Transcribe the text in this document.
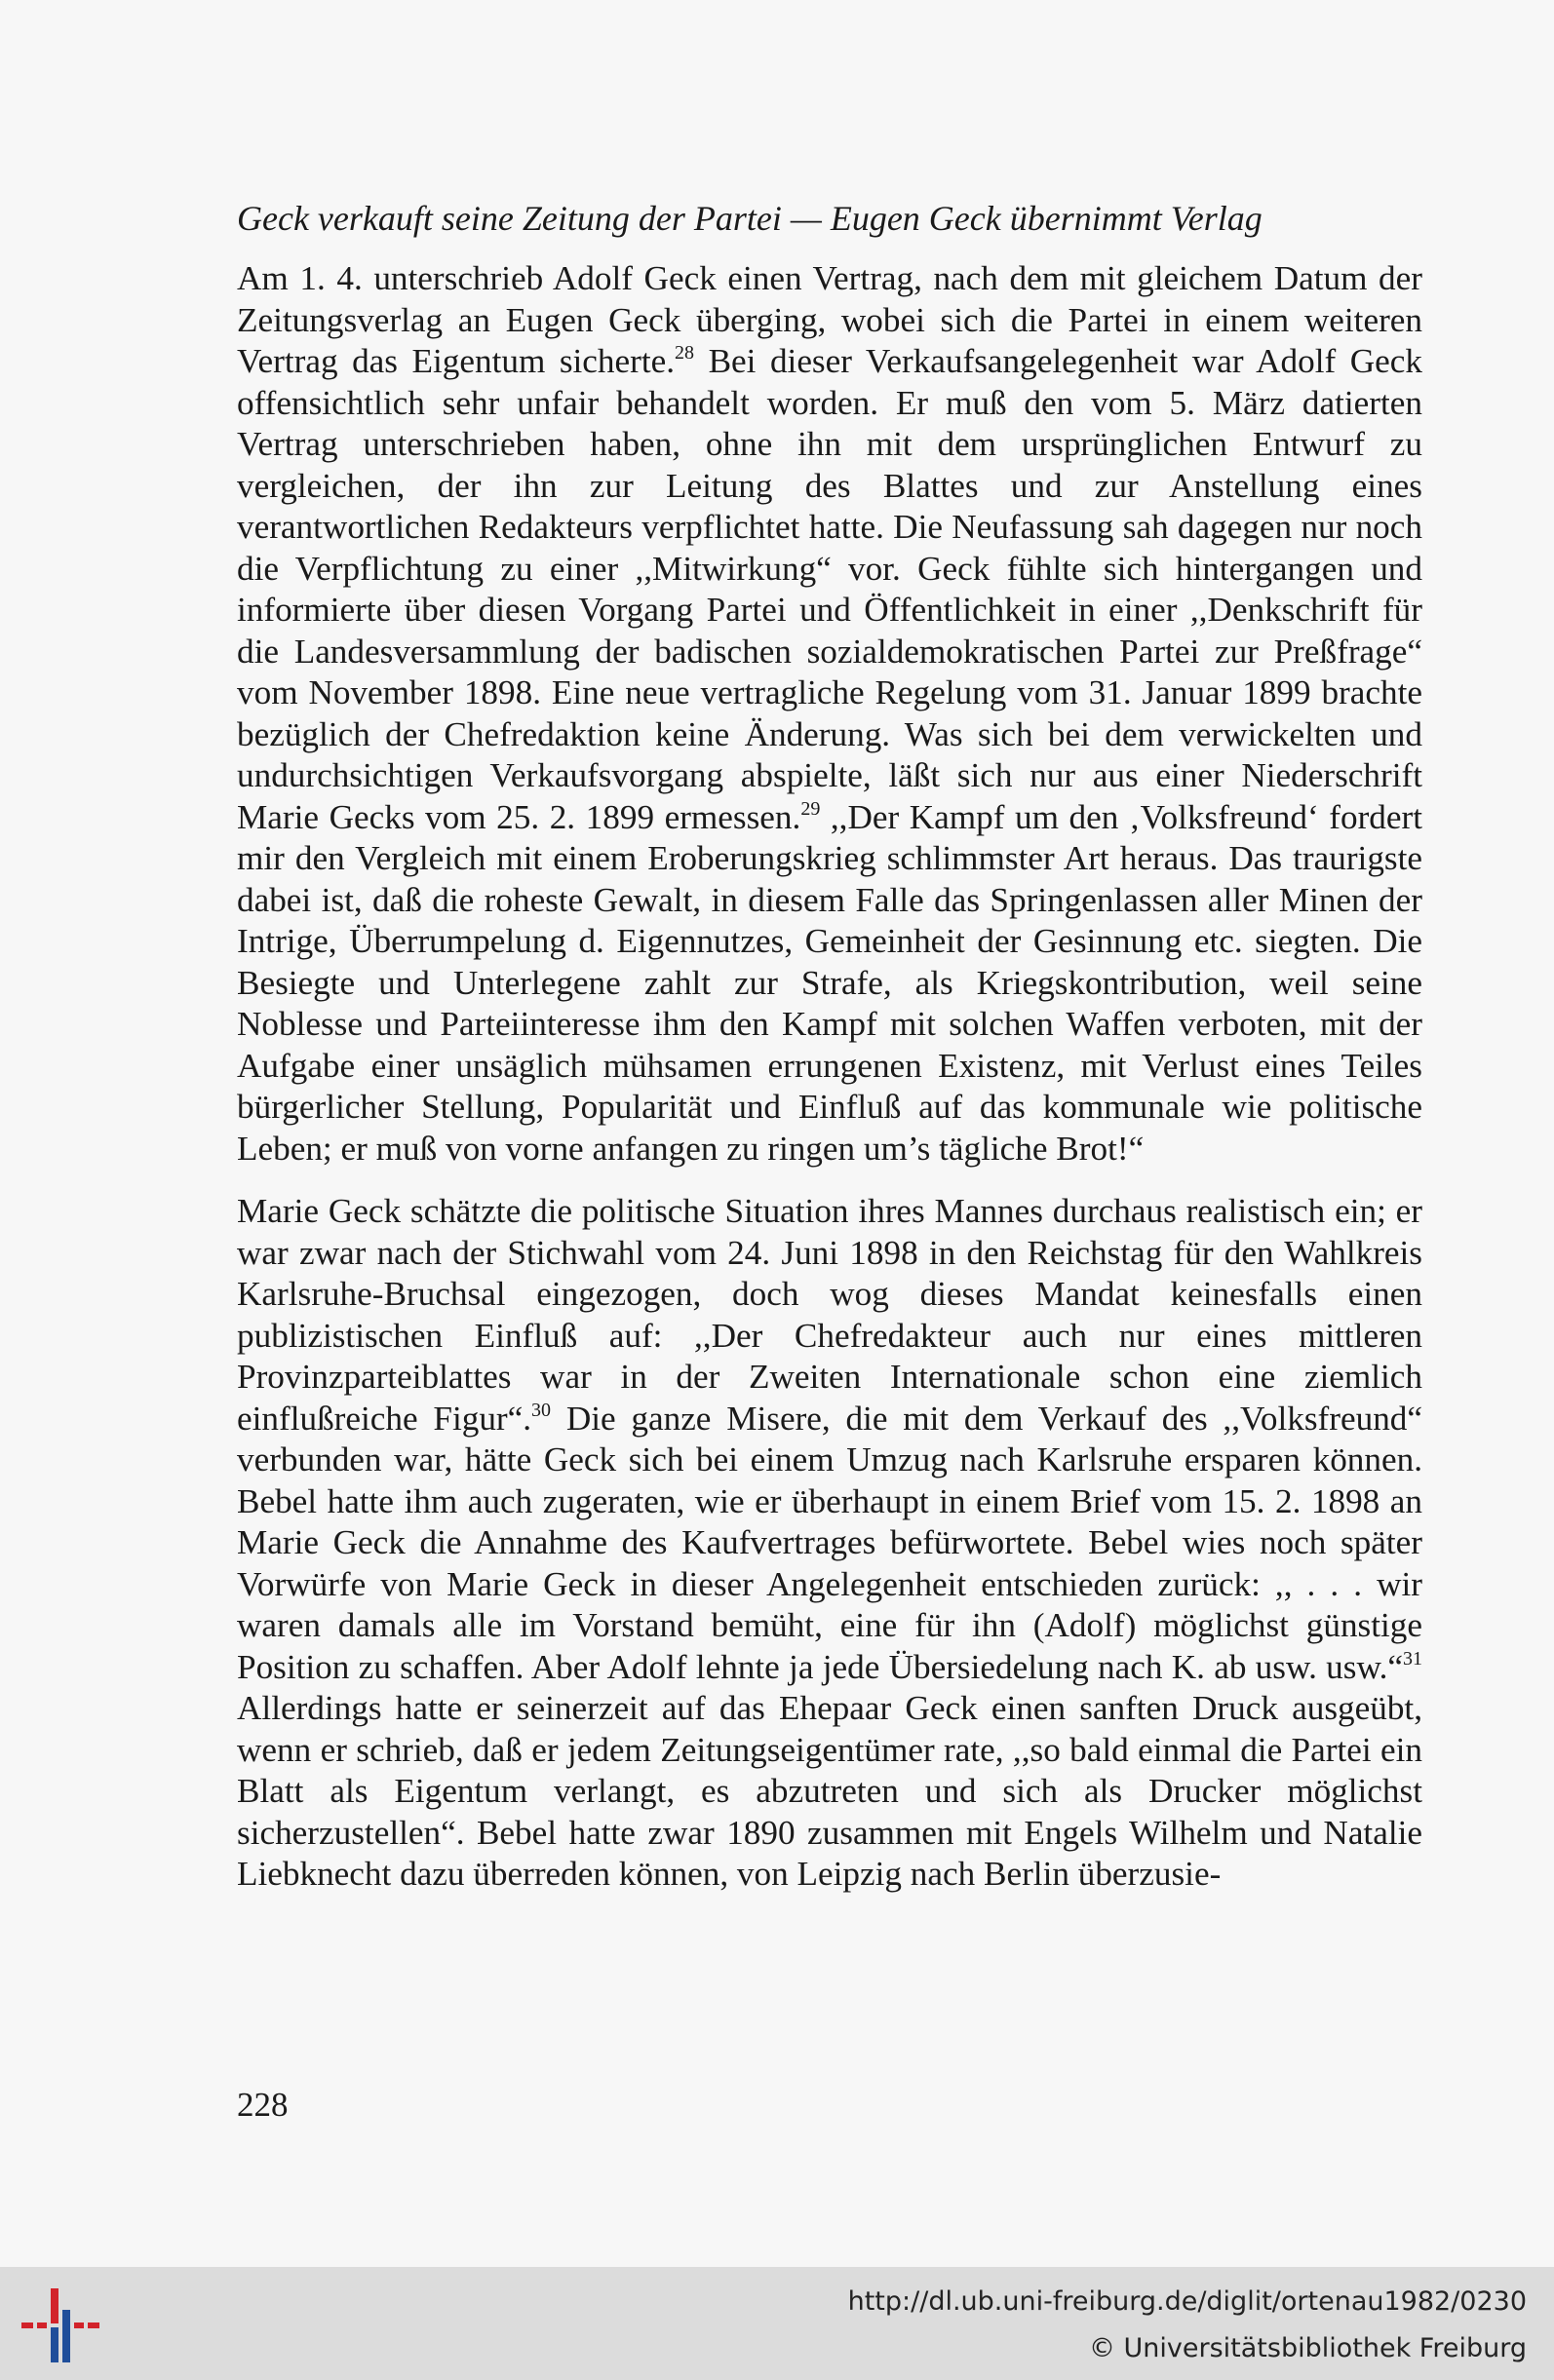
Geck verkauft seine Zeitung der Partei — Eugen Geck übernimmt Verlag

Am 1. 4. unterschrieb Adolf Geck einen Vertrag, nach dem mit gleichem Datum der Zeitungsverlag an Eugen Geck überging, wobei sich die Partei in einem weiteren Vertrag das Eigentum sicherte.$^{28}$ Bei dieser Verkaufsangelegenheit war Adolf Geck offensichtlich sehr unfair behandelt worden. Er muß den vom 5. März datierten Vertrag unterschrieben haben, ohne ihn mit dem ursprünglichen Entwurf zu vergleichen, der ihn zur Leitung des Blattes und zur Anstellung eines verantwortlichen Redakteurs verpflichtet hatte. Die Neufassung sah dagegen nur noch die Verpflichtung zu einer ,,Mitwirkung“ vor. Geck fühlte sich hintergangen und informierte über diesen Vorgang Partei und Öffentlichkeit in einer ,,Denkschrift für die Landesversammlung der badischen sozialdemokratischen Partei zur Preßfrage“ vom November 1898. Eine neue vertragliche Regelung vom 31. Januar 1899 brachte bezüglich der Chefredaktion keine Änderung. Was sich bei dem verwickelten und undurchsichtigen Verkaufsvorgang abspielte, läßt sich nur aus einer Niederschrift Marie Gecks vom 25. 2. 1899 ermessen.$^{29}$ ,,Der Kampf um den ‚Volksfreund‘ fordert mir den Vergleich mit einem Eroberungskrieg schlimmster Art heraus. Das traurigste dabei ist, daß die roheste Gewalt, in diesem Falle das Springenlassen aller Minen der Intrige, Überrumpelung d. Eigennutzes, Gemeinheit der Gesinnung etc. siegten. Die Besiegte und Unterlegene zahlt zur Strafe, als Kriegskontribution, weil seine Noblesse und Parteiinteresse ihm den Kampf mit solchen Waffen verboten, mit der Aufgabe einer unsäglich mühsamen errungenen Existenz, mit Verlust eines Teiles bürgerlicher Stellung, Popularität und Einfluß auf das kommunale wie politische Leben; er muß von vorne anfangen zu ringen um’s tägliche Brot!“

Marie Geck schätzte die politische Situation ihres Mannes durchaus realistisch ein; er war zwar nach der Stichwahl vom 24. Juni 1898 in den Reichstag für den Wahlkreis Karlsruhe-Bruchsal eingezogen, doch wog dieses Mandat keinesfalls einen publizistischen Einfluß auf: ,,Der Chefredakteur auch nur eines mittleren Provinzparteiblattes war in der Zweiten Internationale schon eine ziemlich einflußreiche Figur“.$^{30}$ Die ganze Misere, die mit dem Verkauf des ,,Volksfreund“ verbunden war, hätte Geck sich bei einem Umzug nach Karlsruhe ersparen können. Bebel hatte ihm auch zugeraten, wie er überhaupt in einem Brief vom 15. 2. 1898 an Marie Geck die Annahme des Kaufvertrages befürwortete. Bebel wies noch später Vorwürfe von Marie Geck in dieser Angelegenheit entschieden zurück: ,, . . . wir waren damals alle im Vorstand bemüht, eine für ihn (Adolf) möglichst günstige Position zu schaffen. Aber Adolf lehnte ja jede Übersiedelung nach K. ab usw. usw.“$^{31}$ Allerdings hatte er seinerzeit auf das Ehepaar Geck einen sanften Druck ausgeübt, wenn er schrieb, daß er jedem Zeitungseigentümer rate, ,,so bald einmal die Partei ein Blatt als Eigentum verlangt, es abzutreten und sich als Drucker möglichst sicherzustellen“. Bebel hatte zwar 1890 zusammen mit Engels Wilhelm und Natalie Liebknecht dazu überreden können, von Leipzig nach Berlin überzusie-

228
http://dl.ub.uni-freiburg.de/diglit/ortenau1982/0230
© Universitätsbibliothek Freiburg
